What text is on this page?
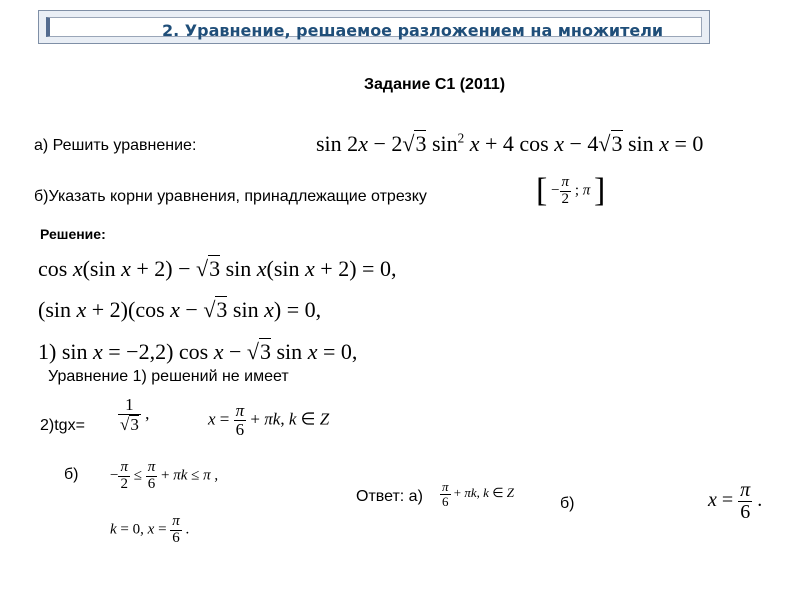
2. Уравнение, решаемое разложением на множители
Задание С1 (2011)
а) Решить уравнение:	sin 2x − 2√3 $\sin^2 x + 4$ cos x − 4√3 sin x = 0
б)Указать корни уравнения, принадлежащие отрезку	[ − $\frac{\pi}{2}$ ; π ]
Решение:
cos x(sin x + 2) − √3 sin x(sin x + 2) = 0,
(sin x + 2)(cos x − √3 sin x) = 0,
1) sin x = −2,2) cos x − √3 sin x = 0,
Уравнение 1) решений не имеет
$2)tgx= \frac{1}{√3}$ ,	$x = \frac{\pi}{6} + \pi k$, k ∈ Z
$б) - \frac{\pi}{2} \le \frac{\pi}{6} + \pi k \le \pi$ ,
k = 0, $x = \frac{\pi}{6}$ .
Ответ: $а) \frac{\pi}{6} + \pi k$, k ∈ Z
б)	$x = \frac{\pi}{6}$ .
